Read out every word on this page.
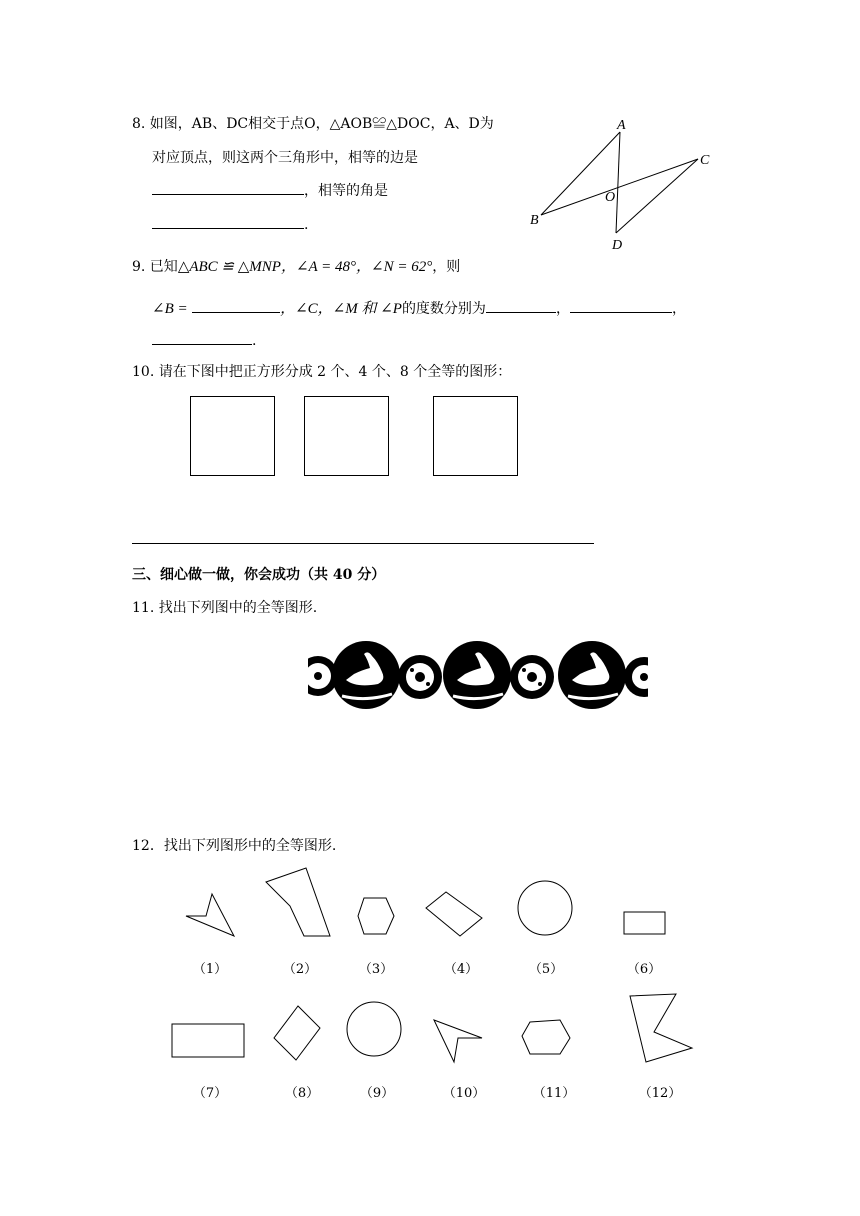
8. 如图，AB、DC相交于点O，△AOB≌△DOC，A、D为
对应顶点，则这两个三角形中，相等的边是
，相等的角是
.
A
B
C
D
O
9. 已知△ABC ≌ △MNP，∠A = 48°，∠N = 62°，则
∠B =	，∠C，∠M 和 ∠P的度数分别为	，	，
.
10. 请在下图中把正方形分成 2 个、4 个、8 个全等的图形：
三、细心做一做，你会成功（共 40 分）
11. 找出下列图中的全等图形.
12．找出下列图形中的全等图形.
（1）	（2）	（3）	（4）	（5）	（6）
（7）	（8）	（9）	（10）	（11）	（12）
